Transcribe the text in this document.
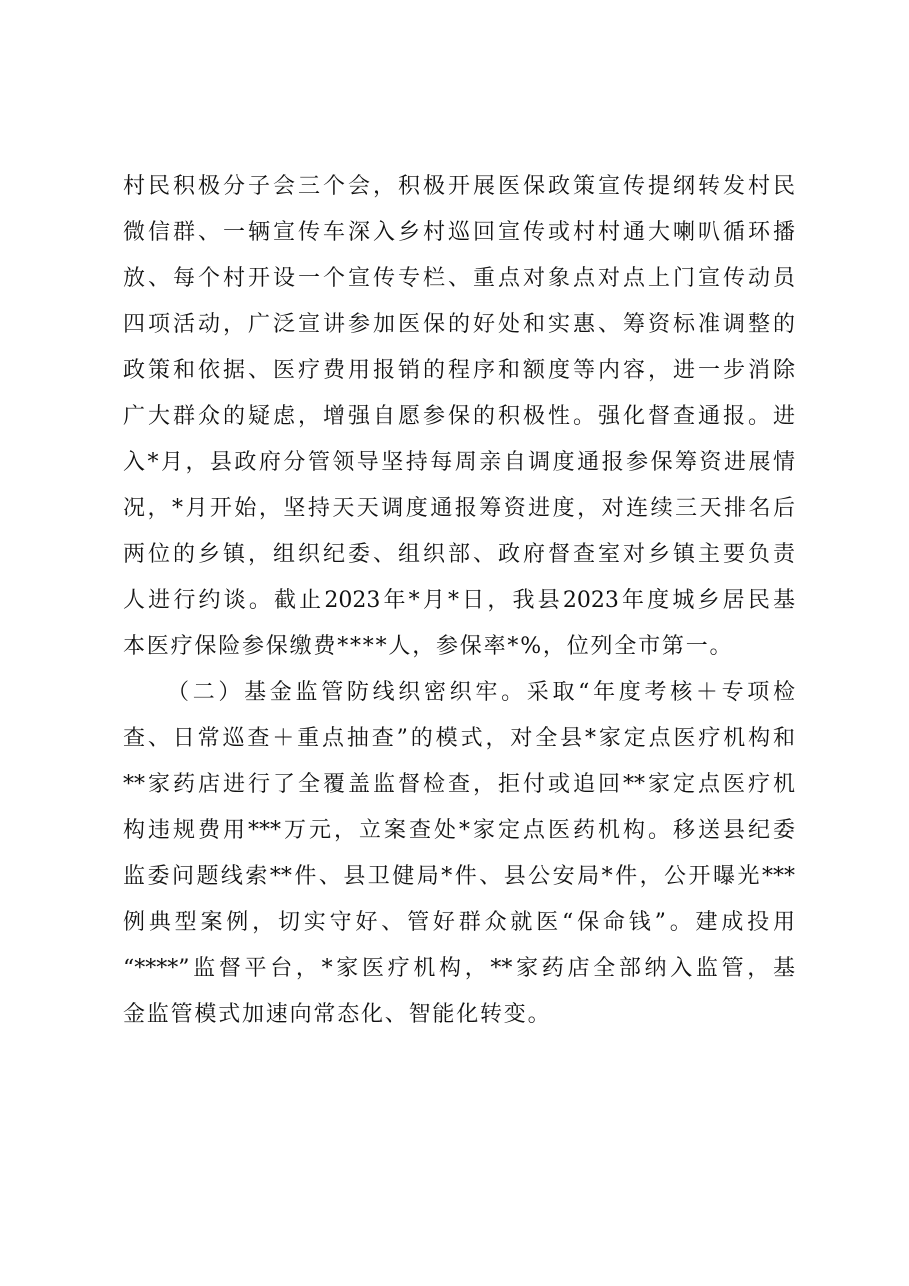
村民积极分子会三个会，积极开展医保政策宣传提纲转发村民
微信群、一辆宣传车深入乡村巡回宣传或村村通大喇叭循环播
放、每个村开设一个宣传专栏、重点对象点对点上门宣传动员
四项活动，广泛宣讲参加医保的好处和实惠、筹资标准调整的
政策和依据、医疗费用报销的程序和额度等内容，进一步消除
广大群众的疑虑，增强自愿参保的积极性。强化督查通报。进
入*月，县政府分管领导坚持每周亲自调度通报参保筹资进展情
况，*月开始，坚持天天调度通报筹资进度，对连续三天排名后
两位的乡镇，组织纪委、组织部、政府督查室对乡镇主要负责
人进行约谈。截止2023年*月*日，我县2023年度城乡居民基
本医疗保险参保缴费****人，参保率*%，位列全市第一。
（二）基金监管防线织密织牢。采取“年度考核＋专项检
查、日常巡查＋重点抽查”的模式，对全县*家定点医疗机构和
**家药店进行了全覆盖监督检查，拒付或追回**家定点医疗机
构违规费用***万元，立案查处*家定点医药机构。移送县纪委
监委问题线索**件、县卫健局*件、县公安局*件，公开曝光***
例典型案例，切实守好、管好群众就医“保命钱”。建成投用
“****”监督平台，*家医疗机构，**家药店全部纳入监管，基
金监管模式加速向常态化、智能化转变。
